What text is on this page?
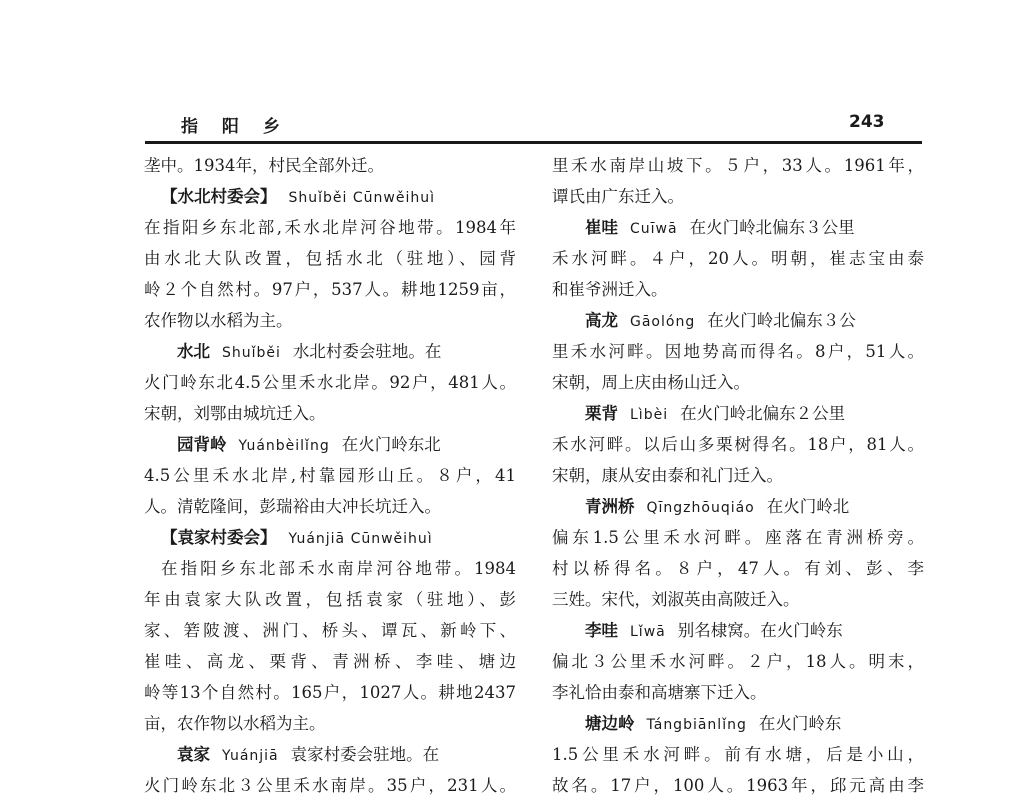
指 阳 乡	243
垄中。1934年，村民全部外迁。
【水北村委会】 Shuǐběi Cūnwěihuì
在指阳乡东北部,禾水北岸河谷地带。1984年
由水北大队改置，包括水北（驻地）、园背
岭２个自然村。97户，537人。耕地1259亩，
农作物以水稻为主。
水北 Shuǐběi 水北村委会驻地。在
火门岭东北4.5公里禾水北岸。92户，481人。
宋朝，刘鄂由城坑迁入。
园背岭 Yuánbèilǐng 在火门岭东北
4.5公里禾水北岸,村靠园形山丘。８户，41
人。清乾隆间，彭瑞裕由大冲长坑迁入。
【袁家村委会】 Yuánjiā Cūnwěihuì
在指阳乡东北部禾水南岸河谷地带。1984
年由袁家大队改置，包括袁家（驻地）、彭
家、箬陂渡、洲门、桥头、谭瓦、新岭下、
崔哇、高龙、栗背、青洲桥、李哇、塘边
岭等13个自然村。165户，1027人。耕地2437
亩，农作物以水稻为主。
袁家 Yuánjiā 袁家村委会驻地。在
火门岭东北３公里禾水南岸。35户，231人。
里禾水南岸山坡下。５户，33人。1961年，
谭氏由广东迁入。
崔哇 Cuīwā 在火门岭北偏东３公里
禾水河畔。４户，20人。明朝，崔志宝由泰
和崔爷洲迁入。
高龙 Gāolóng 在火门岭北偏东３公
里禾水河畔。因地势高而得名。8户，51人。
宋朝，周上庆由杨山迁入。
栗背 Lìbèi 在火门岭北偏东２公里
禾水河畔。以后山多栗树得名。18户，81人。
宋朝，康从安由泰和礼门迁入。
青洲桥 Qīngzhōuqiáo 在火门岭北
偏东1.5公里禾水河畔。座落在青洲桥旁。
村以桥得名。８户，47人。有刘、彭、李
三姓。宋代，刘淑英由高陂迁入。
李哇 Lǐwā 别名棣窝。在火门岭东
偏北３公里禾水河畔。２户，18人。明末，
李礼恰由泰和高塘寨下迁入。
塘边岭 Tángbiānlǐng 在火门岭东
1.5公里禾水河畔。前有水塘，后是小山，
故名。17户，100人。1963年，邱元高由李
